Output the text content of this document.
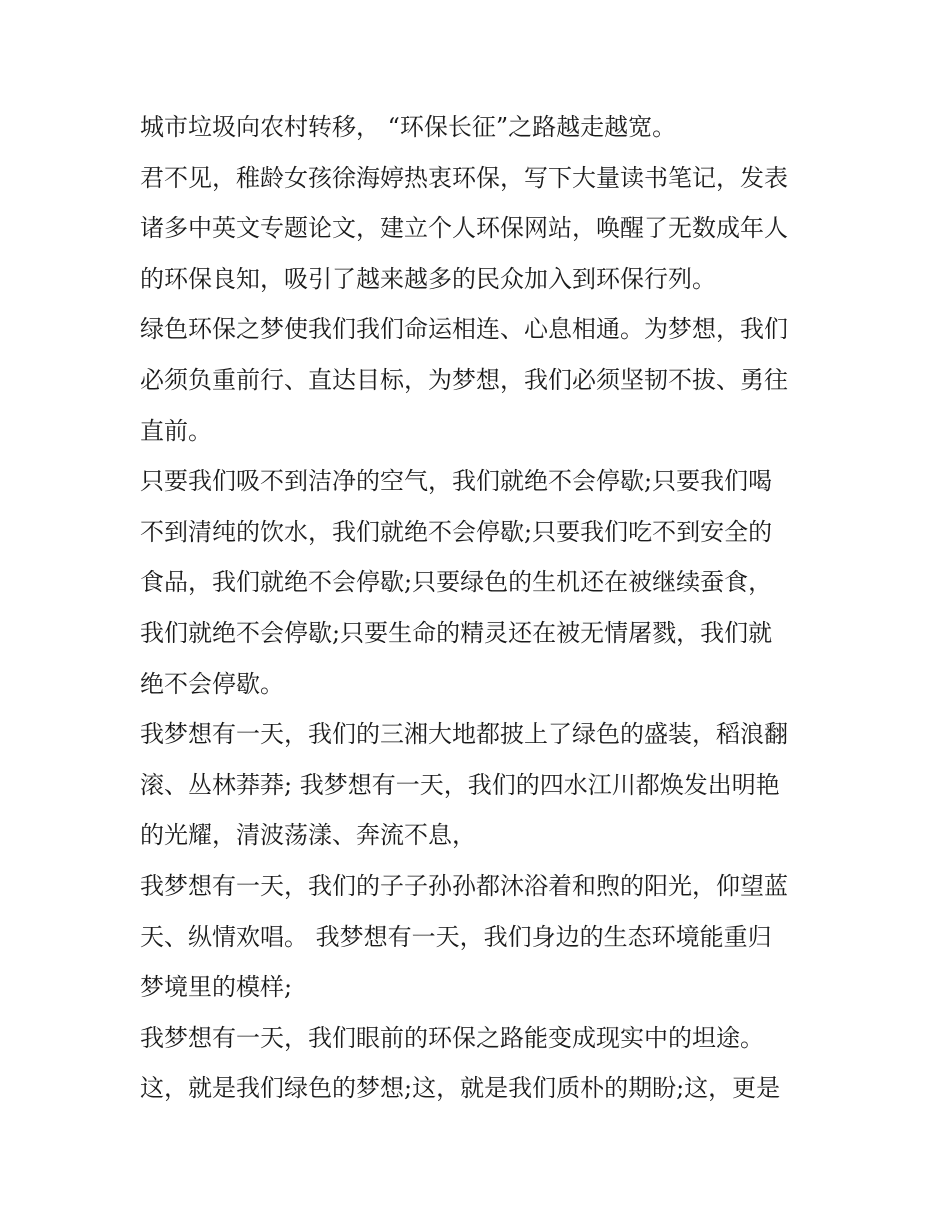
城市垃圾向农村转移， “环保长征”之路越走越宽。
君不见，稚龄女孩徐海婷热衷环保，写下大量读书笔记，发表
诸多中英文专题论文，建立个人环保网站，唤醒了无数成年人
的环保良知，吸引了越来越多的民众加入到环保行列。
绿色环保之梦使我们我们命运相连、心息相通。为梦想，我们
必须负重前行、直达目标，为梦想，我们必须坚韧不拔、勇往
直前。
只要我们吸不到洁净的空气，我们就绝不会停歇;只要我们喝
不到清纯的饮水，我们就绝不会停歇;只要我们吃不到安全的
食品，我们就绝不会停歇;只要绿色的生机还在被继续蚕食，
我们就绝不会停歇;只要生命的精灵还在被无情屠戮，我们就
绝不会停歇。
我梦想有一天，我们的三湘大地都披上了绿色的盛装，稻浪翻
滚、丛林莽莽; 我梦想有一天，我们的四水江川都焕发出明艳
的光耀，清波荡漾、奔流不息，
我梦想有一天，我们的子子孙孙都沐浴着和煦的阳光，仰望蓝
天、纵情欢唱。 我梦想有一天，我们身边的生态环境能重归
梦境里的模样;
我梦想有一天，我们眼前的环保之路能变成现实中的坦途。
这，就是我们绿色的梦想;这，就是我们质朴的期盼;这，更是
